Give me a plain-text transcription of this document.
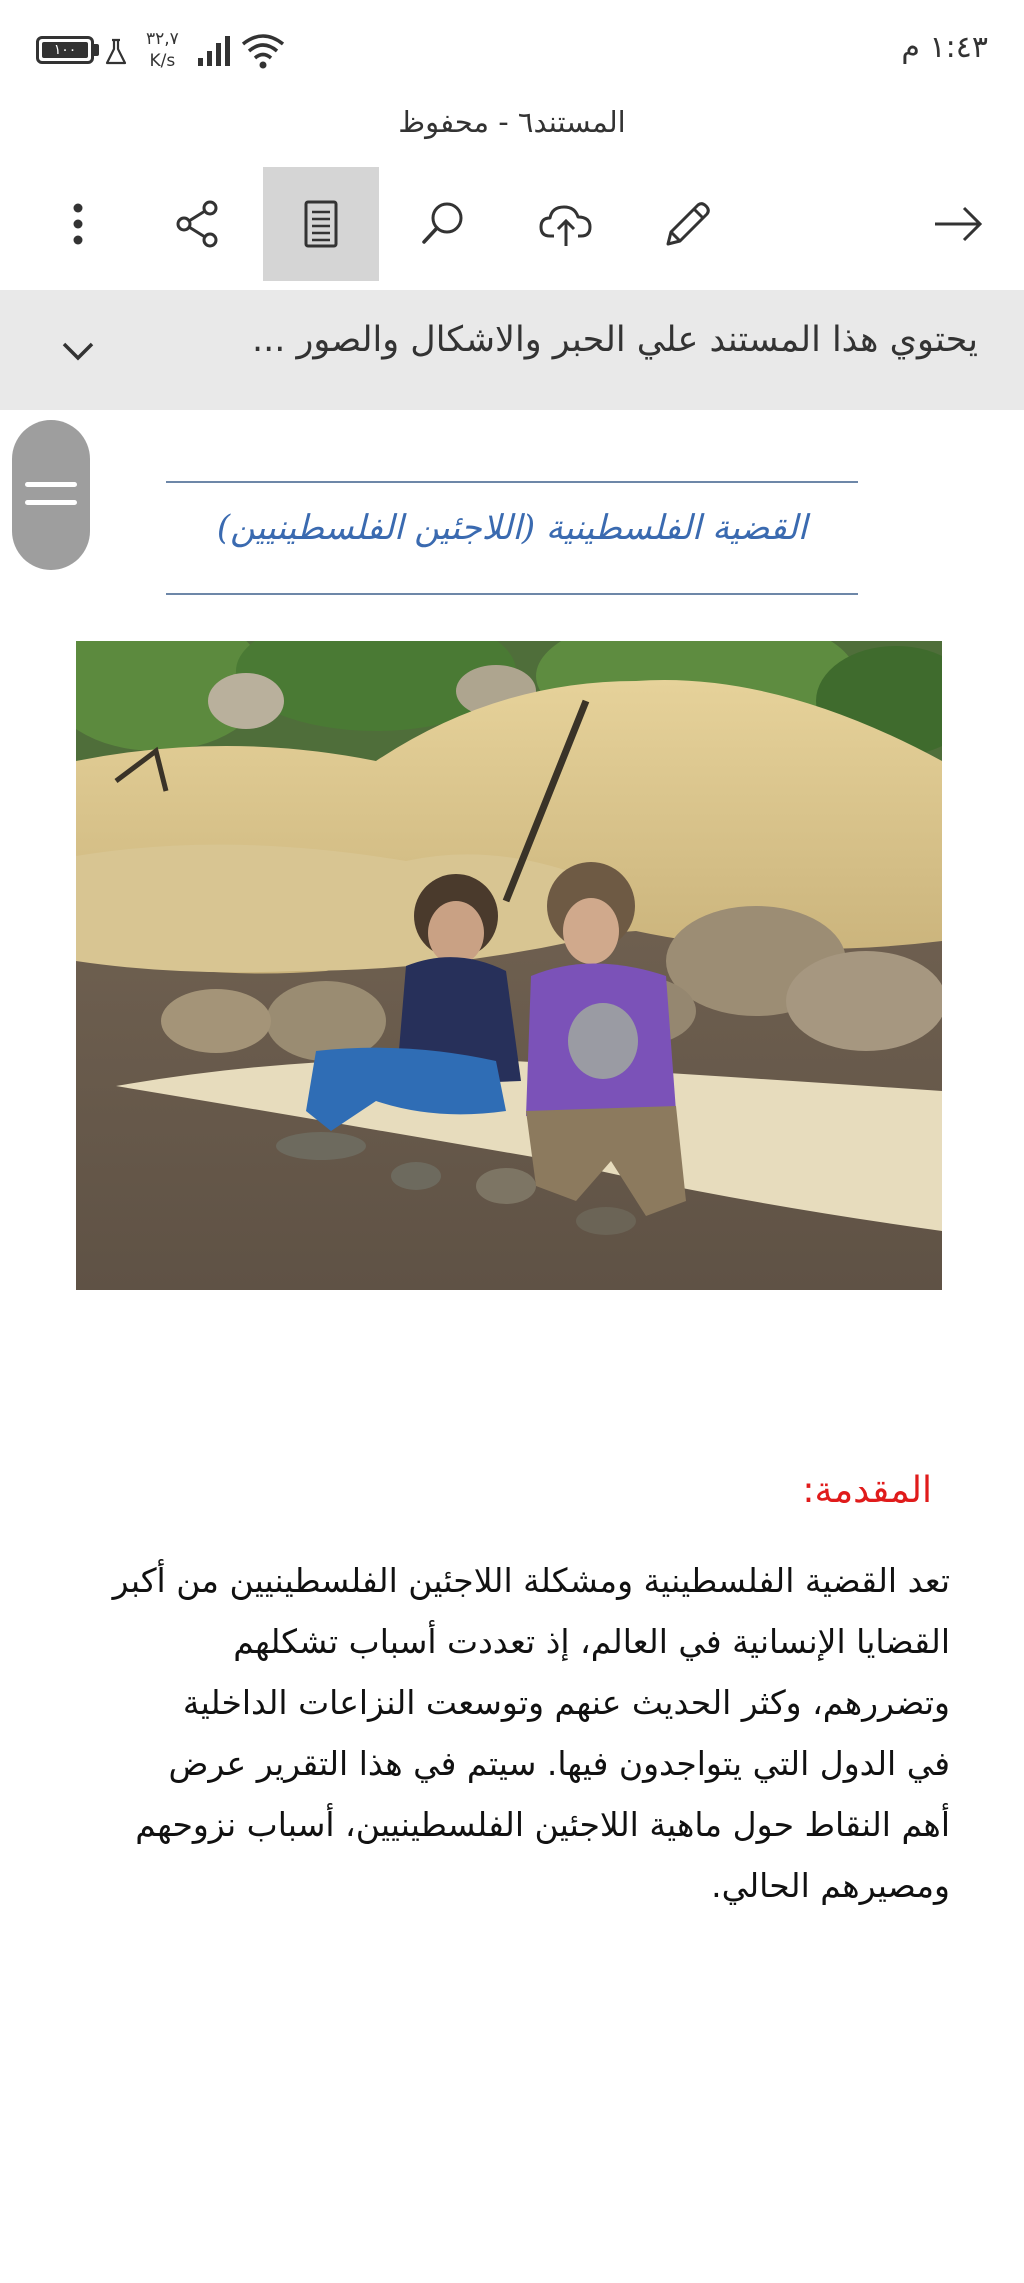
١٠٠
٣٢,٧
K/s	١:٤٣ م
المستند٦ - محفوظ
يحتوي هذا المستند علي الحبر والاشكال والصور ...
القضية الفلسطينية (اللاجئين الفلسطينيين)
المقدمة:
تعد القضية الفلسطينية ومشكلة اللاجئين الفلسطينيين من أكبر
القضايا الإنسانية في العالم، إذ تعددت أسباب تشكلهم
وتضررهم، وكثر الحديث عنهم وتوسعت النزاعات الداخلية
في الدول التي يتواجدون فيها. سيتم في هذا التقرير عرض
أهم النقاط حول ماهية اللاجئين الفلسطينيين، أسباب نزوحهم
ومصيرهم الحالي.
